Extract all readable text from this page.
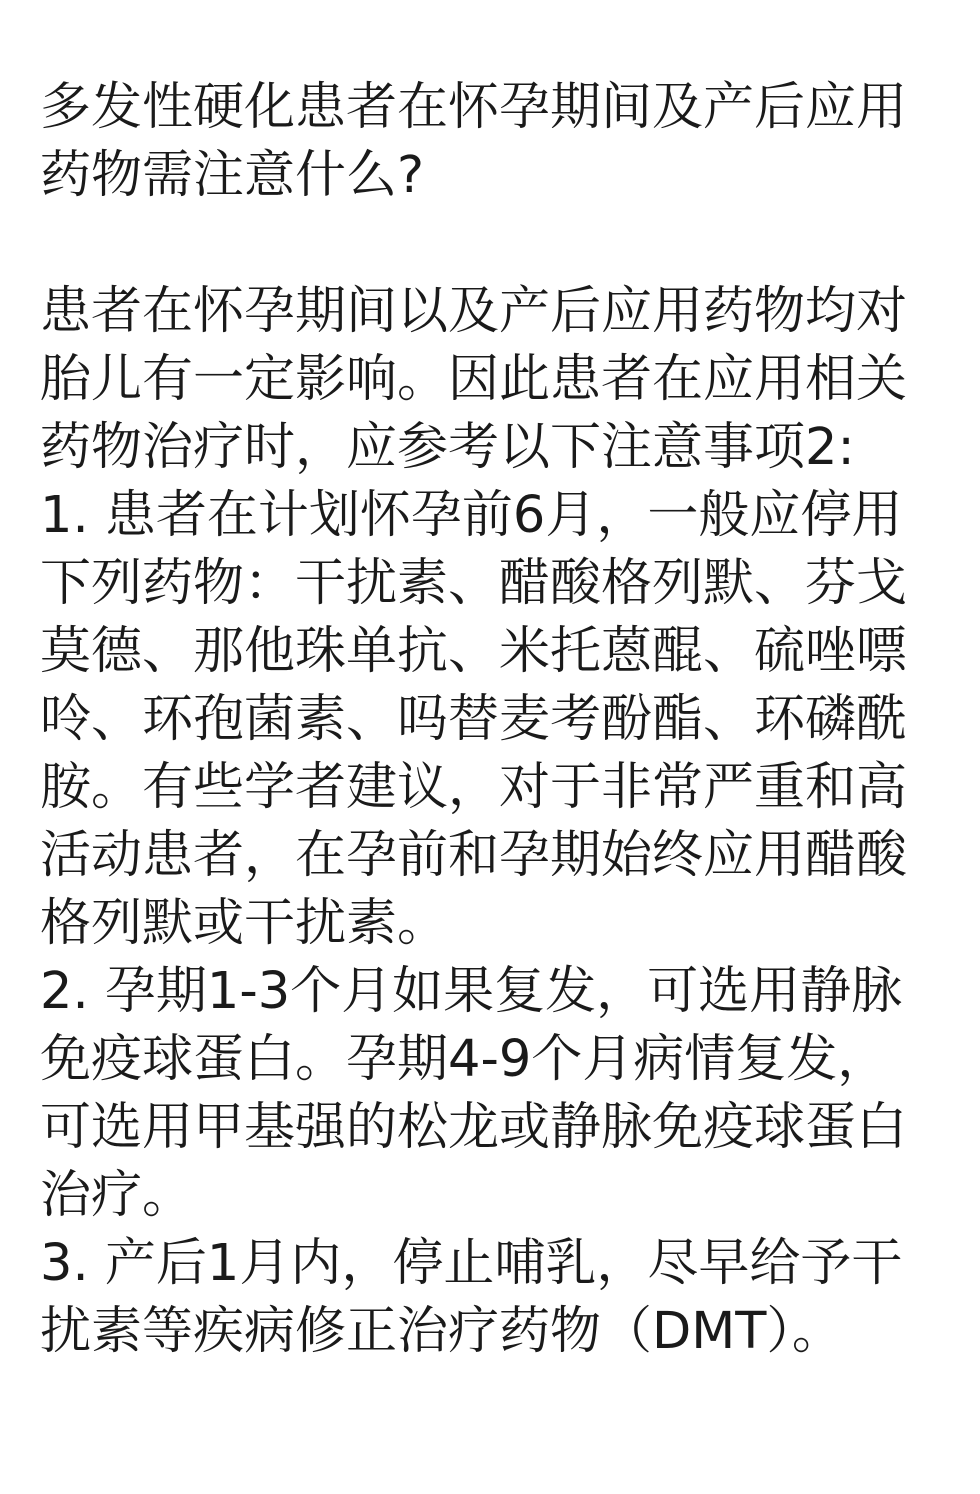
多发性硬化患者在怀孕期间及产后应用
药物需注意什么?
患者在怀孕期间以及产后应用药物均对
胎儿有一定影响。因此患者在应用相关
药物治疗时，应参考以下注意事项2:
1. 患者在计划怀孕前6月，一般应停用
下列药物：干扰素、醋酸格列默、芬戈
莫德、那他珠单抗、米托蒽醌、硫唑嘌
呤、环孢菌素、吗替麦考酚酯、环磷酰
胺。有些学者建议，对于非常严重和高
活动患者，在孕前和孕期始终应用醋酸
格列默或干扰素。
2. 孕期1-3个月如果复发，可选用静脉
免疫球蛋白。孕期4-9个月病情复发，
可选用甲基强的松龙或静脉免疫球蛋白
治疗。
3. 产后1月内，停止哺乳，尽早给予干
扰素等疾病修正治疗药物（DMT）。
